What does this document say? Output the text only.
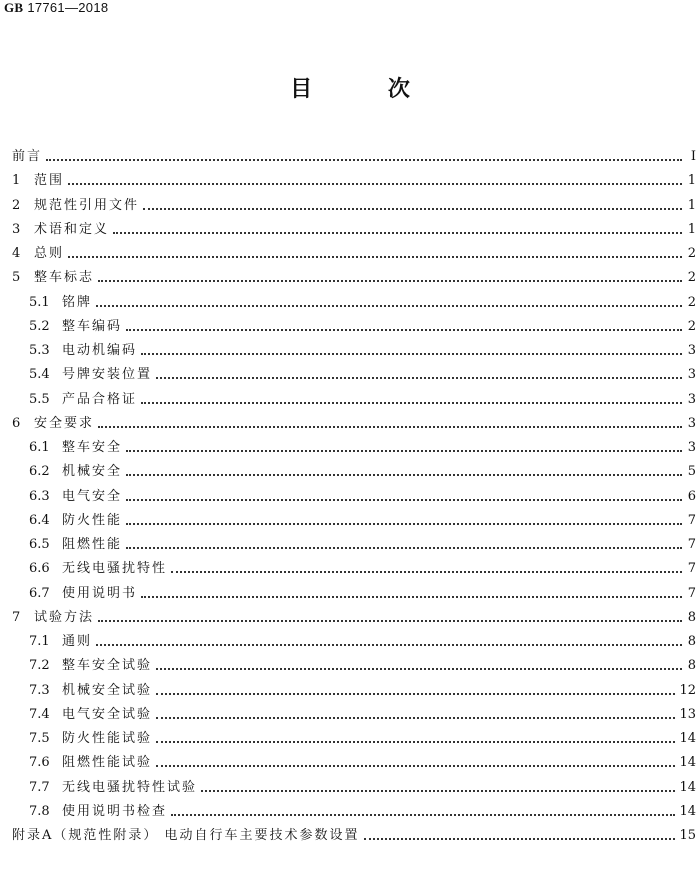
GB 17761—2018
目 次
前言	Ⅰ
1	范围	1
2	规范性引用文件	1
3	术语和定义	1
4	总则	2
5	整车标志	2
5.1 铭牌	2
5.2 整车编码	2
5.3 电动机编码	3
5.4 号牌安装位置	3
5.5 产品合格证	3
6	安全要求	3
6.1 整车安全	3
6.2 机械安全	5
6.3 电气安全	6
6.4 防火性能	7
6.5 阻燃性能	7
6.6 无线电骚扰特性	7
6.7 使用说明书	7
7	试验方法	8
7.1 通则	8
7.2 整车安全试验	8
7.3 机械安全试验	12
7.4 电气安全试验	13
7.5 防火性能试验	14
7.6 阻燃性能试验	14
7.7 无线电骚扰特性试验	14
7.8 使用说明书检查	14
附录A（规范性附录） 电动自行车主要技术参数设置	15
